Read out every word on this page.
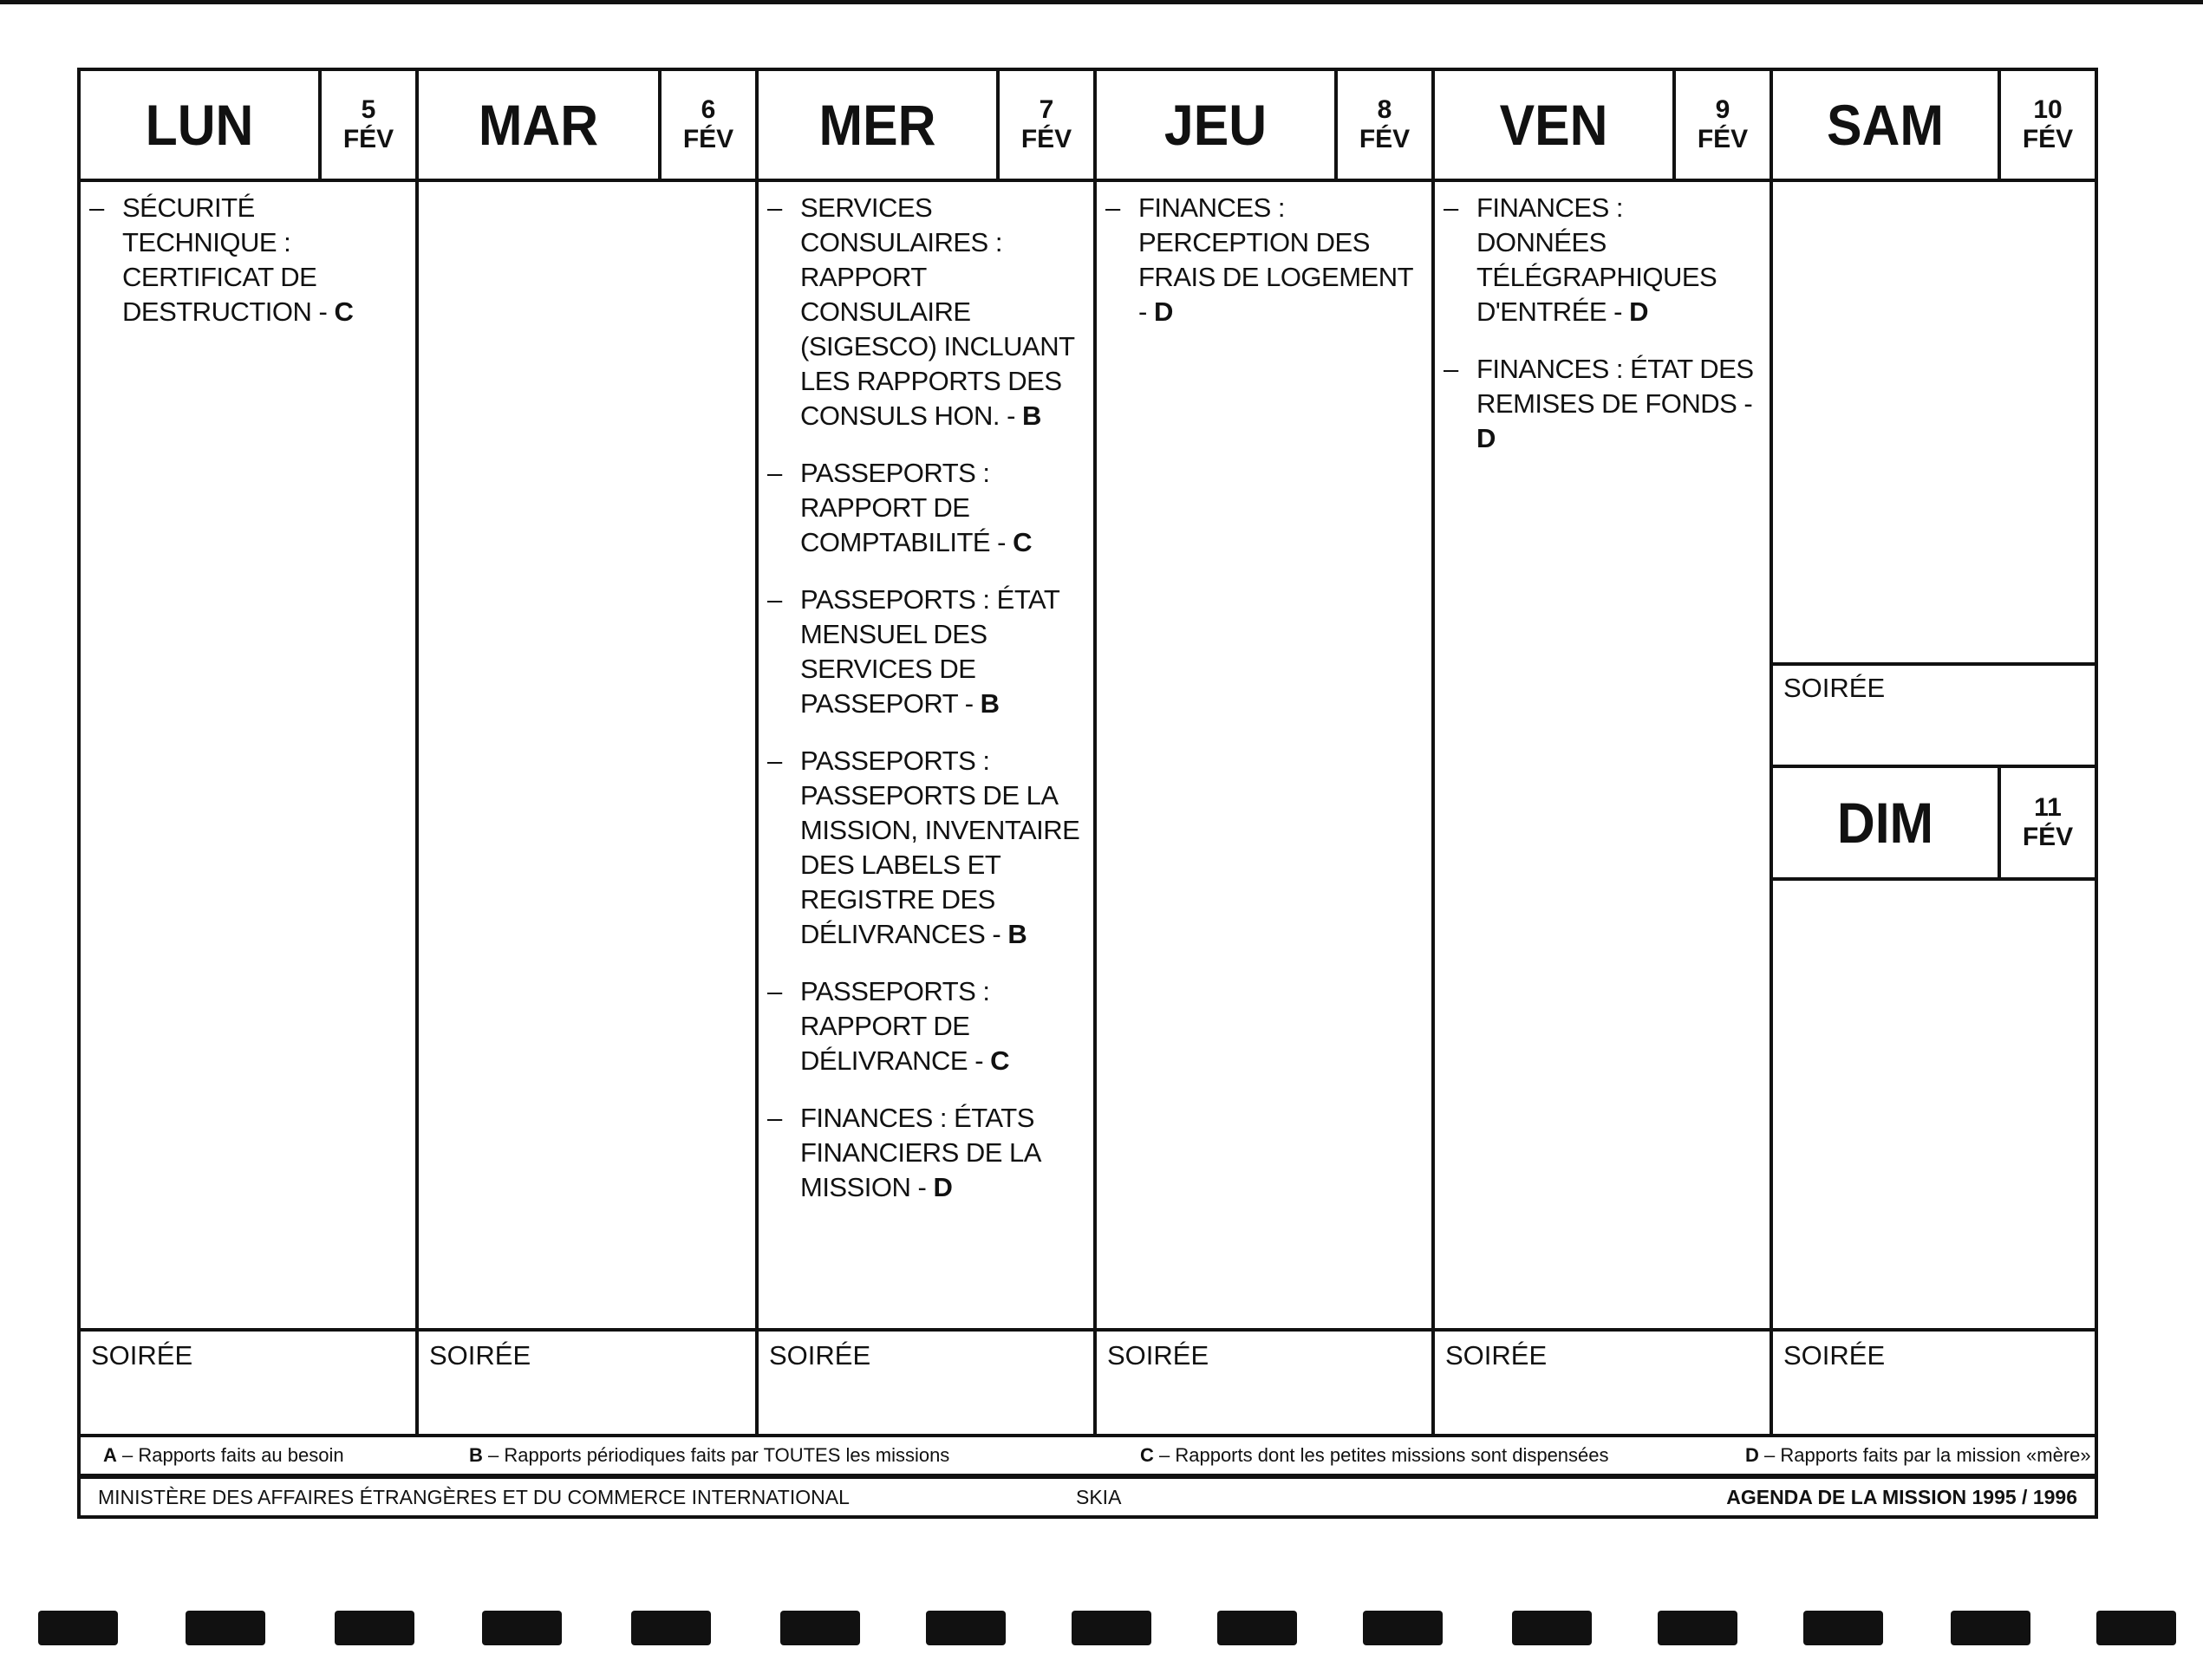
LUN	5
FÉV
– SÉCURITÉ TECHNIQUE : CERTIFICAT DE DESTRUCTION - C
SOIRÉE
MAR	6
FÉV
SOIRÉE
MER	7
FÉV
– SERVICES CONSULAIRES : RAPPORT CONSULAIRE (SIGESCO) INCLUANT LES RAPPORTS DES CONSULS HON. - B
– PASSEPORTS : RAPPORT DE COMPTABILITÉ - C
– PASSEPORTS : ÉTAT MENSUEL DES SERVICES DE PASSEPORT - B
– PASSEPORTS : PASSEPORTS DE LA MISSION, INVENTAIRE DES LABELS ET REGISTRE DES DÉLIVRANCES - B
– PASSEPORTS : RAPPORT DE DÉLIVRANCE - C
– FINANCES : ÉTATS FINANCIERS DE LA MISSION - D
SOIRÉE
JEU	8
FÉV
– FINANCES : PERCEPTION DES FRAIS DE LOGEMENT - D
SOIRÉE
VEN	9
FÉV
– FINANCES : DONNÉES TÉLÉGRAPHIQUES D'ENTRÉE - D
– FINANCES : ÉTAT DES REMISES DE FONDS - D
SOIRÉE
SAM	10
FÉV
SOIRÉE
DIM	11
FÉV
SOIRÉE
A – Rapports faits au besoin	B – Rapports périodiques faits par TOUTES les missions	C – Rapports dont les petites missions sont dispensées	D – Rapports faits par la mission «mère»
MINISTÈRE DES AFFAIRES ÉTRANGÈRES ET DU COMMERCE INTERNATIONAL	SKIA	AGENDA DE LA MISSION 1995 / 1996
